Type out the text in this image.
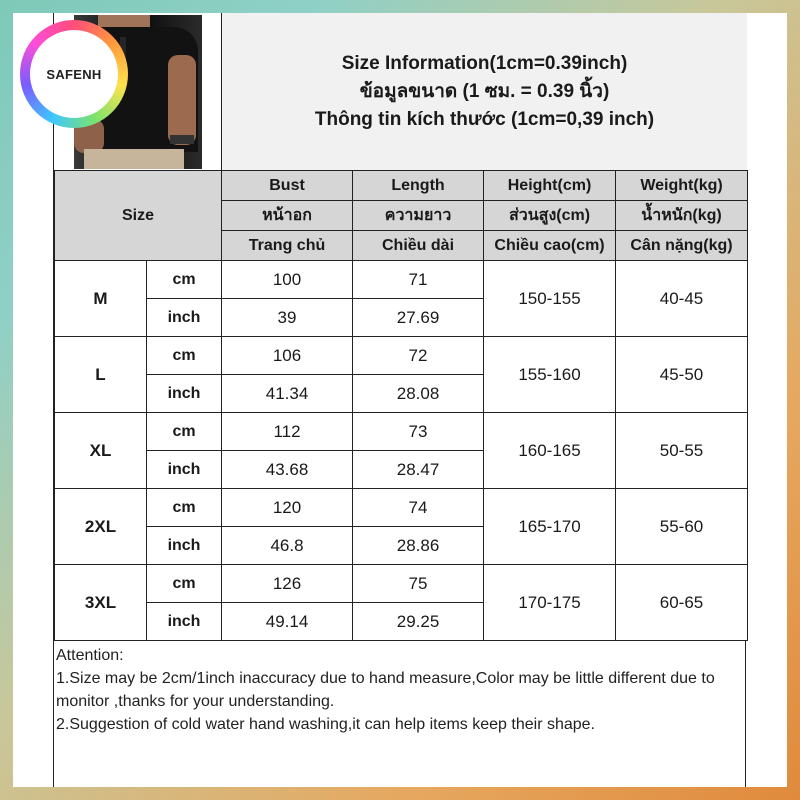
Size Information(1cm=0.39inch)
ข้อมูลขนาด (1 ซม. = 0.39 นิ้ว)
Thông tin kích thước (1cm=0,39 inch)
Size		Bust	Length	Height(cm)	Weight(kg)
		หน้าอก	ความยาว	ส่วนสูง(cm)	น้ำหนัก(kg)
		Trang chủ	Chiều dài	Chiều cao(cm)	Cân nặng(kg)
M	cm	100	71	150-155	40-45
	inch	39	27.69		
L	cm	106	72	155-160	45-50
	inch	41.34	28.08		
XL	cm	112	73	160-165	50-55
	inch	43.68	28.47		
2XL	cm	120	74	165-170	55-60
	inch	46.8	28.86		
3XL	cm	126	75	170-175	60-65
	inch	49.14	29.25		

Attention:

1.Size may be 2cm/1inch inaccuracy due to hand measure,Color may be little different due to monitor ,thanks for your understanding.

2.Suggestion of cold water hand washing,it can help items keep their shape.

SAFENH
